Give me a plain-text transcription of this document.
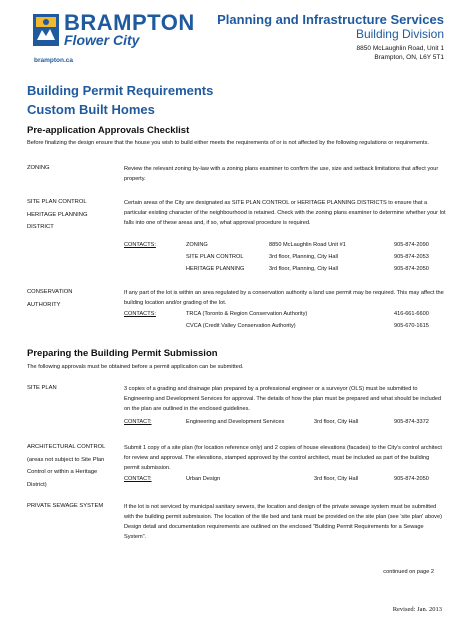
BRAMPTON
Flower City
brampton.ca
Planning and Infrastructure Services
Building Division
8850 McLaughlin Road, Unit 1
Brampton, ON, L6Y 5T1
Building Permit Requirements
Custom Built Homes
Pre-application Approvals Checklist
Before finalizing the design ensure that the house you wish to build either meets the requirements of or is not affected by the following regulations or requirements.
ZONING	Review the relevant zoning by-law with a zoning plans examiner to confirm the use, size and setback limitations that affect your property.
SITE PLAN CONTROL
HERITAGE PLANNING
DISTRICT
Certain areas of the City are designated as SITE PLAN CONTROL or HERITAGE PLANNING DISTRICTS to ensure that a particular existing character of the neighbourhood is retained. Check with the zoning plans examiner to determine whether your lot falls into one of these areas and, if so, what approval procedure is required.
CONTACTS:	ZONING	8850 McLaughlin Road Unit #1	905-874-2090
SITE PLAN CONTROL	3rd floor, Planning, City Hall	905-874-2053
HERITAGE PLANNING	3rd floor, Planning, City Hall	905-874-2050
CONSERVATION
AUTHORITY
If any part of the lot is within an area regulated by a conservation authority a land use permit may be required. This may affect the building location and/or grading of the lot.
CONTACTS:	TRCA (Toronto & Region Conservation Authority)	416-661-6600
CVCA (Credit Valley Conservation Authority)	905-670-1615
Preparing the Building Permit Submission
The following approvals must be obtained before a permit application can be submitted.
SITE PLAN	3 copies of a grading and drainage plan prepared by a professional engineer or a surveyor (OLS) must be submitted to Engineering and Development Services for approval. The details of how the plan must be prepared and what should be included on the plan are outlined in the enclosed guidelines.
CONTACT:	Engineering and Development Services	3rd floor, City Hall	905-874-3372
ARCHITECTURAL CONTROL
(areas not subject to Site Plan
Control or within a Heritage
District)
Submit 1 copy of a site plan (for location reference only) and 2 copies of house elevations (facades) to the City's control architect for review and approval. The elevations, stamped approved by the control architect, must be included as part of the building permit submission.
CONTACT:	Urban Design	3rd floor, City Hall	905-874-2050
PRIVATE SEWAGE SYSTEM	If the lot is not serviced by municipal sanitary sewers, the location and design of the private sewage system must be submitted with the building permit submission. The location of the tile bed and tank must be provided on the site plan (see 'site plan' above) Design detail and documentation requirements are outlined on the enclosed "Building Permit Requirements for a Sewage System".
continued on page 2
Revised: Jan. 2013
